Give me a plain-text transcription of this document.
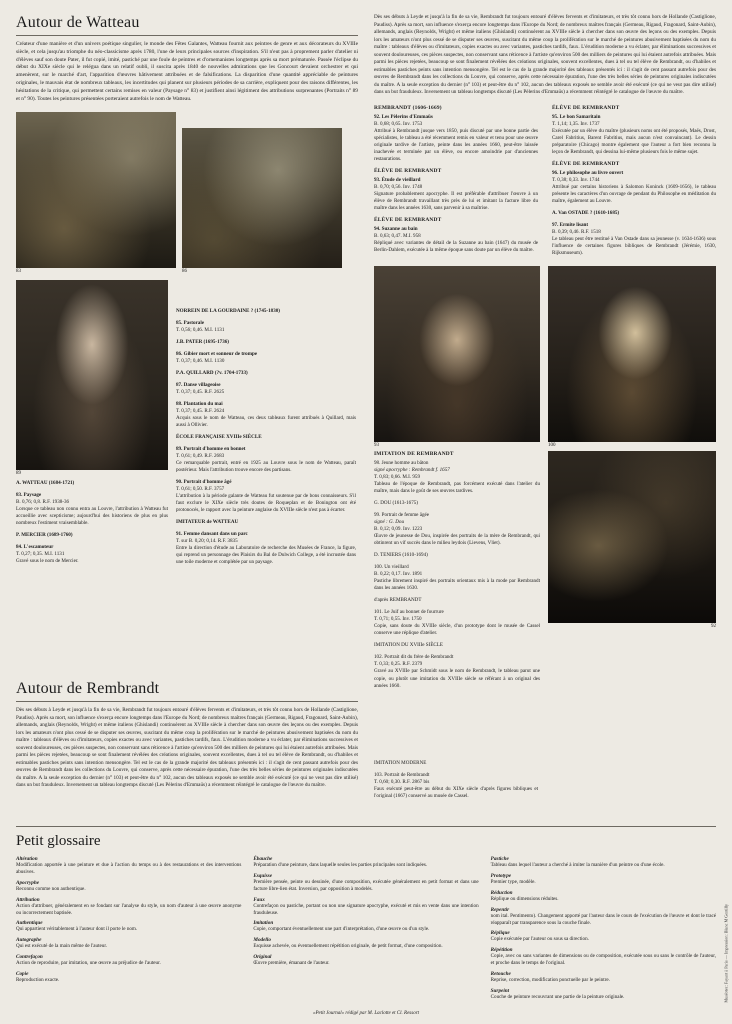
Autour de Watteau

Créateur d'une manière et d'un univers poétique singulier, le monde des Fêtes Galantes, Watteau fournit aux peintres de genre et aux décorateurs du XVIIIe siècle, et cela jusqu'au triomphe du néo-classicisme après 1780, l'une de leurs principales sources d'inspiration. S'il n'eut pas à proprement parler d'atelier ni d'élèves sauf son doute Pater, il fut copié, imité, pastiché par une foule de peintres et d'ornemanistes longtemps après sa mort prématurée. Passée l'éclipse du début du XIXe siècle qui le relégua dans un relatif oubli, il suscita après 1840 de nouvelles admirations que les Goncourt devaient orchestrer et qui amenèrent, sur le marché d'art, l'apparition d'œuvres hâtivement attribuées et de falsifications. La disparition d'une quantité appréciable de peintures originales, le mauvais état de nombreux tableaux, les incertitudes qui planent sur plusieurs périodes de sa carrière, expliquent pour des raisons différentes, les hésitations de la critique, qui permettent certains remises en valeur (Paysage n° 83) et justifient ainsi légitiment des attributions surprenantes (Portraits n° 89 et n° 90). Toutes les peintures présentées porteraient autrefois le nom de Watteau.

83	86
89
A. WATTEAU (1684-1721)
83. Paysage
B. 0,76; 0,8. R.F. 1938-36
Lorsque ce tableau non connu entra au Louvre, l'attribution à Watteau fut accueillie avec scepticisme; aujourd'hui des historiens de plus en plus nombreux l'estiment vraisemblable.
P. MERCIER (1689-1760)
84. L'escamoteur
T. 0,27; 0,35. M.I. 1131
Gravé sous le nom de Mercier.
NORREIN DE LA GOURDAINE ? (1745-1830)
85. Pastorale
T. 0,56; 0,46. M.I. 1131
J.B. PATER (1695-1736)
86. Gibier mort et sonneur de trompe
T. 0,37; 0,46. M.I. 1130
P.A. QUILLARD (?v. 1704-1733)
87. Danse villageoise
T. 0,37; 0,45. R.F. 2625
88. Plantation du mai
T. 0,37; 0,45. R.F. 2624
Acquis sous le nom de Watteau, ces deux tableaux furent attribués à Quillard, mais aussi à Ollivier.
ÉCOLE FRANÇAISE XVIIIe SIÈCLE
89. Portrait d'homme en bonnet
T. 0,61; 0,49. R.F. 2683
Ce remarquable portrait, entré en 1925 au Louvre sous le nom de Watteau, paraît postérieur. Mais l'attribution trouve encore des partisans.
90. Portrait d'homme âgé
T. 0,61; 0,50. R.F. 3757
L'attribution à la période galante de Watteau fut soutenue par de bons connaisseurs. S'il faut exclure le XIXe siècle très doutes de Roqueplan et de Bonington ont été protonocés, le rapport avec la peinture anglaise du XVIIIe siècle n'est pas à écarter.
IMITATEUR de WATTEAU
91. Femme dansant dans un parc
T. sur B. 0,20; 0,14. R.F. 3835
Entre la direction d'étude au Laboratoire de recherche des Musées de France, la figure, qui reprend un personnage des Plaisirs du Bal de Dulwich College, a été incrustée dans une toile moderne et complétée par un paysage.

Dès ses débuts à Leyde et jusqu'à la fin de sa vie, Rembrandt fut toujours entouré d'élèves fervents et d'imitateurs, et très tôt connu hors de Hollande (Castiglione, Paudiss). Après sa mort, son influence s'exerça encore longtemps dans l'Europe du Nord; de nombreux maîtres français (Germeau, Rigaud, Fragonard, Saint-Aubin), allemands, anglais (Reynolds, Wright) et même italiens (Ghislandi) continuèrent au XVIIIe siècle à chercher dans son œuvre des leçons ou des exemples. Depuis lors les amateurs n'ont plus cessé de se disputer ses œuvres, suscitant du même coup la prolifération sur le marché de peintures abusivement baptisées du nom du maître : tableaux d'élèves ou d'imitateurs, copies exactes ou avec variantes, pastiches tardifs, faux. L'érudition moderne a vu éclater, par éliminations successives et souvent douloureuses, ces pièces suspectes, non conservant sans réticence à l'artiste qu'environ 500 des milliers de peintures qui lui étaient autrefois attribuées. Mais parmi les pièces rejetées, beaucoup se sont finalement révélées des créations originales, souvent excellentes, dues à tel ou tel élève de Rembrandt, ou d'habiles et estimables pastiches peints sans intention mensongère. Tel est le cas de la grande majorité des tableaux présentés ici : il s'agit de cent passant autrefois pour des œuvres de Rembrandt dans les collections du Louvre, qui conserve, après cette nécessaire épuration, l'une des très belles séries de peintures originales indiscutées du maître. A la seule exception du dernier (n° 103) et peut-être du n° 102, aucun des tableaux exposés ne semble avoir été exécuté (ce qui ne veut pas dire utilisé) dans un but frauduleux. Inversement un tableau longtemps discuté (Les Pèlerins d'Emmaüs) a récemment réintégré le catalogue de l'œuvre du maître.

REMBRANDT (1606-1669)
92. Les Pèlerins d'Emmaüs
B. 0,68; 0,65. Inv. 1753
Attribué à Rembrandt jusque vers 1850, puis discuté par une bonne partie des spécialistes, le tableau a été récemment remis en valeur et tenu pour une œuvre originale tardive de l'artiste, peinte dans les années 1660, peut-être laissée inachevée et terminée par un élève, ou encore amoindrie par d'anciennes restaurations.
ÉLÈVE DE REMBRANDT
93. Étude de vieillard
B. 0,70; 0,56. Inv. 1748
Signature probablement apocryphe. Il est préférable d'attribuer l'œuvre à un élève de Rembrandt travaillant très près de lui et imitant la facture libre du maître dans les années 1630, sans parvenir à sa maîtrise.
ÉLÈVE DE REMBRANDT
94. Suzanne au bain
B. 0,63; 0,47. M.I. 958
Répliqué avec variantes de détail de la Suzanne au bain (1647) du musée de Berlin-Dahlem, exécutée à la même époque sans doute par un élève du maître.
ÉLÈVE DE REMBRANDT
95. Le bon Samaritain
T. 1,14; 1,35. Inv. 1737
Exécutée par un élève du maître (plusieurs noms ont été proposés, Maës, Drost, Carel Fabritius, Barent Fabritius, mais aucun n'est convaincant). Le dessin préparatoire (Chicago) montre également que l'auteur a fort bien reconnu la leçon de Rembrandt, qui dessina lui-même plusieurs fois le même sujet.
ÉLÈVE DE REMBRANDT
96. Le philosophe au livre ouvert
T. 0,38; 0,33. Inv. 1744
Attribué par certains historiens à Salomon Koninck (1609-1656), le tableau présente les caractères d'un ouvrage de pendant du Philosophe en méditation du maître, également au Louvre.
A. Van OSTADE ? (1610-1685)
97. Ermite lisant
B. 0,39; 0,46. R.F. 1518
Le tableau peut être restitué à Van Ostade dans sa jeunesse (v. 1634-1636) sous l'influence de certaines figures bibliques de Rembrandt (Jérémie, 1630, Rijksmuseum).
93	100
IMITATION DE REMBRANDT
98. Jeune homme au bâton
signé apocryphe : Rembrandt f. 1657
T. 0,83; 0,66. M.I. 959
Tableau de l'époque de Rembrandt, pas forcément exécuté dans l'atelier du maître, mais dans le goût de ses œuvres tardives.
G. DOU (1613-1675)
99. Portrait de femme âgée
signé : G. Dou
B. 0,12; 0,09. Inv. 1223
Œuvre de jeunesse de Dou, inspirée des portraits de la mère de Rembrandt, qui obtinrent un vif succès dans le milieu leydois (Lievens, Vliet).
D. TENIERS (1610-1694)
100. Un vieillard
B. 0,22; 0,17. Inv. 1891
Pastiche librement inspiré des portraits orientaux mis à la mode par Rembrandt dans les années 1630.
d'après REMBRANDT
101. Le Juif au bonnet de fourrure
T. 0,71; 0,55. Inv. 1750
Copie, sans doute du XVIIIe siècle, d'un prototype dont le musée de Cassel conserve une réplique d'atelier.
IMITATION DU XVIIIe SIÈCLE
102. Portrait dit du frère de Rembrandt
T. 0,33; 0,25. R.F. 2379
Gravé au XVIIIe par Schmidt sous le nom de Rembrandt, le tableau parut une copie, ou plutôt une imitation du XVIIIe siècle se référant à un original des années 1660.
92
Autour de Rembrandt

Dès ses débuts à Leyde et jusqu'à la fin de sa vie, Rembrandt fut toujours entouré d'élèves fervents et d'imitateurs, et très tôt connu hors de Hollande (Castiglione, Paudiss). Après sa mort, son influence s'exerça encore longtemps dans l'Europe du Nord; de nombreux maîtres français (Germeau, Rigaud, Fragonard, Saint-Aubin), allemands, anglais (Reynolds, Wright) et même italiens (Ghislandi) continuèrent au XVIIIe siècle à chercher dans son œuvre des leçons ou des exemples. Depuis lors les amateurs n'ont plus cessé de se disputer ses œuvres, suscitant du même coup la prolifération sur le marché de peintures abusivement baptisées du nom du maître : tableaux d'élèves ou d'imitateurs, copies exactes ou avec variantes, pastiches tardifs, faux. L'érudition moderne a vu éclater, par éliminations successives et souvent douloureuses, ces pièces suspectes, non conservant sans réticence à l'artiste qu'environ 500 des milliers de peintures qui lui étaient autrefois attribuées. Mais parmi les pièces rejetées, beaucoup se sont finalement révélées des créations originales, souvent excellentes, dues à tel ou tel élève de Rembrandt, ou d'habiles et estimables pastiches peints sans intention mensongère. Tel est le cas de la grande majorité des tableaux présentés ici : il s'agit de cent passant autrefois pour des œuvres de Rembrandt dans les collections du Louvre, qui conserve, après cette nécessaire épuration, l'une des très belles séries de peintures originales indiscutées du maître. A la seule exception du dernier (n° 103) et peut-être du n° 102, aucun des tableaux exposés ne semble avoir été exécuté (ce qui ne veut pas dire utilisé) dans un but frauduleux. Inversement un tableau longtemps discuté (Les Pèlerins d'Emmaüs) a récemment réintégré le catalogue de l'œuvre du maître.

IMITATION MODERNE
103. Portrait de Rembrandt
T. 0,60; 0,30. R.F. 2867 bis
Faux exécuté peut-être au début du XIXe siècle d'après figures bibliques et l'original (1667) conservé au musée de Cassel.

Petit glossaire

Altération

Modification apportée à une peinture et due à l'action du temps ou à des restaurations et des interventions abusives.

Apocryphe

Reconnu comme non authentique.

Attribution

Action d'attribuer, généralement en se fondant sur l'analyse du style, un nom d'auteur à une œuvre anonyme ou incorrectement baptisée.

Authentique

Qui appartient véritablement à l'auteur dont il porte le nom.

Autographe

Qui est exécuté de la main même de l'auteur.

Contrefaçon

Action de reproduire, par imitation, une œuvre au préjudice de l'auteur.

Copie

Reproduction exacte.

Ébauche

Préparation d'une peinture, dans laquelle seules les parties principales sont indiquées.

Esquisse

Première pensée, peinte ou dessinée, d'une composition, exécutée généralement en petit format et dans une facture libre-lien état. Inversion, par opposition à modelés.

Faux

Contrefaçon ou pastiche, portant ou non une signature apocryphe, exécuté et mis en vente dans une intention frauduleuse.

Imitation

Copie, comportant éventuellement une part d'interprétation, d'une œuvre ou d'un style.

Modello

Esquisse achevée, ou éventuellement répétition originale, de petit format, d'une composition.

Original

Œuvre première, émanant de l'auteur.

Pastiche

Tableau dans lequel l'auteur a cherché à imiter la manière d'un peintre ou d'une école.

Prototype

Premier type, modèle.

Réduction

Réplique ou dimensions réduites.

Repentir

nom ital. Pentimento). Changement apporté par l'auteur dans le cours de l'exécution de l'œuvre et dont le tracé réapparaît par transparence sous la couche finale.

Réplique

Copie exécutée par l'auteur ou sous sa direction.

Répétition

Copie, avec ou sans variantes de dimensions ou de composition, exécutée sous ou sans le contrôle de l'auteur, et proche dans le temps de l'original.

Retouche

Reprise, correction, modification ponctuelle par le peintre.

Surpeint

Couche de peinture recouvrant une partie de la peinture originale.

«Petit Journal» rédigé par M. Laclotte et Cl. Ressort
Muséotec: Fayant à Paris — Impression: Blanc M Gentilly
